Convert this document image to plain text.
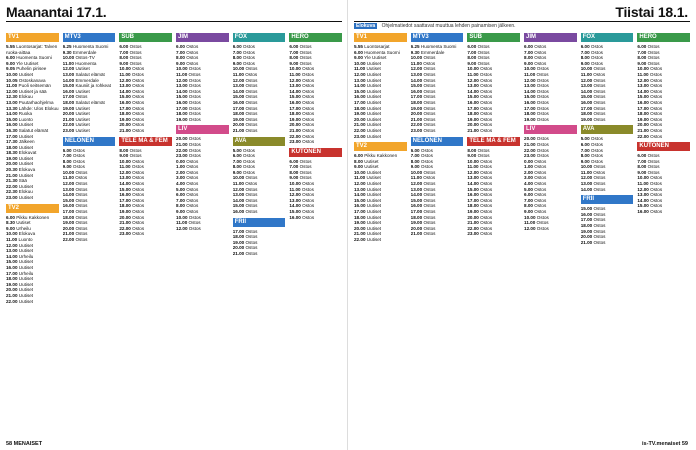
Maanantai 17.1.
TV1
5.55 Luontosarjat: Talven ruoka-aittaa
6.00 Huomenta Suomi
9.00 Yle Uutiset
9.05 Puhelin pirisee
10.00 Uutiset
10.05 Ostoskanava
11.00 Puoli seitsemän
12.00 Uutiset ja sää
12.30 Elokuu
13.00 Puutarhaohjelma
13.30 Lähde: Ulos Elokuu
14.00 Ruoka
15.00 Luonto
16.00 Uutiset
16.30 Salatut elämät
17.00 Uutiset
17.30 Jälkeen
18.00 Uutiset
18.30 Elokuvat
19.00 Uutiset
20.00 Uutiset
20.30 Elokuva
21.00 Uutiset
21.30 Sää
22.00 Uutiset
22.30 Elokuu
23.00 Uutiset
TV2
6.00 Pikku Kakkonen
8.30 Uutiset
9.00 Urheilu
10.00 Elokuva
11.00 Luonto
12.00 Uutiset
13.00 Uutiset
14.00 Urheilu
15.00 Uutiset
16.00 Uutiset
17.00 Urheilu
18.00 Uutiset
19.00 Uutiset
20.00 Uutiset
21.00 Uutiset
22.00 Uutiset
MTV3
6.25 Huomenta Suomi
9.30 Emmerdale
10.00 Ostos-TV
11.00 Huomenta
12.00 Uutiset
13.00 Salatut elämät
14.00 Emmerdale
15.00 Kauniit ja rohkeat
16.00 Uutiset
17.00 Ostos
18.00 Salatut elämät
19.00 Uutiset
20.00 Uutiset
21.00 Uutiset
22.00 Uutiset
23.00 Uutiset
NELONEN
6.00 Ostos
7.00 Ostos
8.00 Ostos
9.00 Ostos
10.00 Ostos
11.00 Ostos
12.00 Ostos
13.00 Ostos
14.00 Ostos
15.00 Ostos
16.00 Ostos
17.00 Ostos
18.00 Ostos
19.00 Ostos
20.00 Ostos
21.00 Ostos
22.00 Ostos
SUB
6.00 Ostos
7.00 Ostos
8.00 Ostos
9.00 Ostos
10.00 Ostos
11.00 Ostos
12.00 Ostos
13.00 Ostos
14.00 Ostos
15.00 Ostos
16.00 Ostos
17.00 Ostos
18.00 Ostos
19.00 Ostos
20.00 Ostos
21.00 Ostos
TELE MA & FEM
8.00 Ostos
9.00 Ostos
10.00 Ostos
11.00 Ostos
12.00 Ostos
13.00 Ostos
14.00 Ostos
15.00 Ostos
16.00 Ostos
17.00 Ostos
18.00 Ostos
19.00 Ostos
20.00 Ostos
21.00 Ostos
22.00 Ostos
23.00 Ostos
JIM
6.00 Ostos
7.00 Ostos
8.00 Ostos
9.00 Ostos
10.00 Ostos
11.00 Ostos
12.00 Ostos
13.00 Ostos
14.00 Ostos
15.00 Ostos
16.00 Ostos
17.00 Ostos
18.00 Ostos
19.00 Ostos
LIV
20.00 Ostos
21.00 Ostos
22.00 Ostos
23.00 Ostos
0.00 Ostos
1.00 Ostos
2.00 Ostos
3.00 Ostos
4.00 Ostos
5.00 Ostos
6.00 Ostos
7.00 Ostos
8.00 Ostos
9.00 Ostos
10.00 Ostos
11.00 Ostos
12.00 Ostos
FOX
6.00 Ostos
7.00 Ostos
8.00 Ostos
9.00 Ostos
10.00 Ostos
11.00 Ostos
12.00 Ostos
13.00 Ostos
14.00 Ostos
15.00 Ostos
16.00 Ostos
17.00 Ostos
18.00 Ostos
19.00 Ostos
20.00 Ostos
21.00 Ostos
AVA
5.00 Ostos
6.00 Ostos
7.00 Ostos
8.00 Ostos
9.00 Ostos
10.00 Ostos
11.00 Ostos
12.00 Ostos
13.00 Ostos
14.00 Ostos
15.00 Ostos
16.00 Ostos
FRII
17.00 Ostos
18.00 Ostos
19.00 Ostos
20.00 Ostos
21.00 Ostos
HERO
6.00 Ostos
7.00 Ostos
8.00 Ostos
9.00 Ostos
10.00 Ostos
11.00 Ostos
12.00 Ostos
13.00 Ostos
14.00 Ostos
15.00 Ostos
16.00 Ostos
17.00 Ostos
18.00 Ostos
19.00 Ostos
20.00 Ostos
21.00 Ostos
22.00 Ostos
23.00 Ostos
KUTONEN
6.00 Ostos
7.00 Ostos
8.00 Ostos
9.00 Ostos
10.00 Ostos
11.00 Ostos
12.00 Ostos
13.00 Ostos
14.00 Ostos
15.00 Ostos
16.00 Ostos
58 MENAISET
Tiistai 18.1.
Elokuva Ohjelmatiedot saattavat muuttua lehden painamisen jälkeen.
TV1
5.55 Luontosarjat
6.00 Huomenta Suomi
9.00 Yle Uutiset
10.00 Uutiset
11.00 Uutiset
12.00 Uutiset
13.00 Uutiset
14.00 Uutiset
15.00 Uutiset
16.00 Uutiset
17.00 Uutiset
18.00 Uutiset
19.00 Uutiset
20.00 Uutiset
21.00 Uutiset
22.00 Uutiset
23.00 Uutiset
TV2
6.00 Pikku Kakkonen
8.00 Uutiset
9.00 Uutiset
10.00 Uutiset
11.00 Uutiset
12.00 Uutiset
13.00 Uutiset
14.00 Uutiset
15.00 Uutiset
16.00 Uutiset
17.00 Uutiset
18.00 Uutiset
19.00 Uutiset
20.00 Uutiset
21.00 Uutiset
22.00 Uutiset
MTV3
6.25 Huomenta Suomi
9.30 Emmerdale
10.00 Ostos
11.00 Ostos
12.00 Ostos
13.00 Ostos
14.00 Ostos
15.00 Ostos
16.00 Ostos
17.00 Ostos
18.00 Ostos
19.00 Ostos
20.00 Ostos
21.00 Ostos
22.00 Ostos
23.00 Ostos
NELONEN
6.00 Ostos
7.00 Ostos
8.00 Ostos
9.00 Ostos
10.00 Ostos
11.00 Ostos
12.00 Ostos
13.00 Ostos
14.00 Ostos
15.00 Ostos
16.00 Ostos
17.00 Ostos
18.00 Ostos
19.00 Ostos
20.00 Ostos
21.00 Ostos
SUB
6.00 Ostos
7.00 Ostos
8.00 Ostos
9.00 Ostos
10.00 Ostos
11.00 Ostos
12.00 Ostos
13.00 Ostos
14.00 Ostos
15.00 Ostos
16.00 Ostos
17.00 Ostos
18.00 Ostos
19.00 Ostos
20.00 Ostos
21.00 Ostos
TELE MA & FEM
8.00 Ostos
9.00 Ostos
10.00 Ostos
11.00 Ostos
12.00 Ostos
13.00 Ostos
14.00 Ostos
15.00 Ostos
16.00 Ostos
17.00 Ostos
18.00 Ostos
19.00 Ostos
20.00 Ostos
21.00 Ostos
22.00 Ostos
23.00 Ostos
JIM
6.00 Ostos
7.00 Ostos
8.00 Ostos
9.00 Ostos
10.00 Ostos
11.00 Ostos
12.00 Ostos
13.00 Ostos
14.00 Ostos
15.00 Ostos
16.00 Ostos
17.00 Ostos
18.00 Ostos
19.00 Ostos
LIV
20.00 Ostos
21.00 Ostos
22.00 Ostos
23.00 Ostos
0.00 Ostos
1.00 Ostos
2.00 Ostos
3.00 Ostos
4.00 Ostos
5.00 Ostos
6.00 Ostos
7.00 Ostos
8.00 Ostos
9.00 Ostos
10.00 Ostos
11.00 Ostos
12.00 Ostos
FOX
6.00 Ostos
7.00 Ostos
8.00 Ostos
9.00 Ostos
10.00 Ostos
11.00 Ostos
12.00 Ostos
13.00 Ostos
14.00 Ostos
15.00 Ostos
16.00 Ostos
17.00 Ostos
18.00 Ostos
19.00 Ostos
AVA
5.00 Ostos
6.00 Ostos
7.00 Ostos
8.00 Ostos
9.00 Ostos
10.00 Ostos
11.00 Ostos
12.00 Ostos
13.00 Ostos
14.00 Ostos
FRII
15.00 Ostos
16.00 Ostos
17.00 Ostos
18.00 Ostos
19.00 Ostos
20.00 Ostos
21.00 Ostos
HERO
6.00 Ostos
7.00 Ostos
8.00 Ostos
9.00 Ostos
10.00 Ostos
11.00 Ostos
12.00 Ostos
13.00 Ostos
14.00 Ostos
15.00 Ostos
16.00 Ostos
17.00 Ostos
18.00 Ostos
19.00 Ostos
20.00 Ostos
21.00 Ostos
22.00 Ostos
KUTONEN
6.00 Ostos
7.00 Ostos
8.00 Ostos
9.00 Ostos
10.00 Ostos
11.00 Ostos
12.00 Ostos
13.00 Ostos
14.00 Ostos
15.00 Ostos
16.00 Ostos
is-TV.menaiset 59
